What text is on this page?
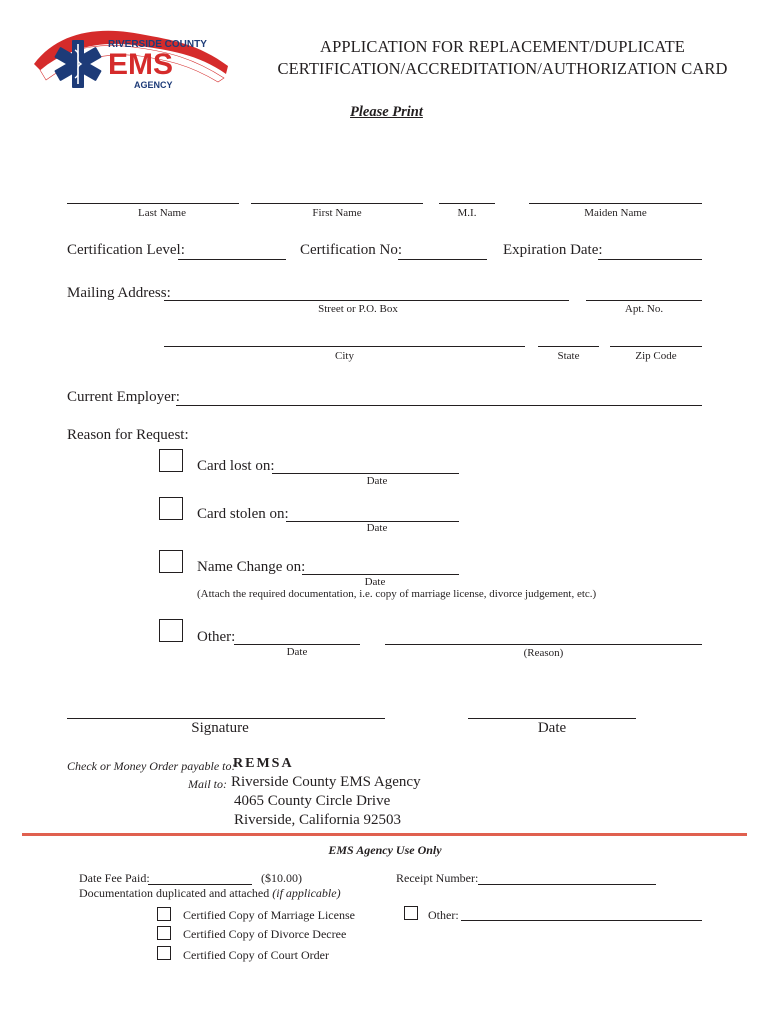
RIVERSIDE COUNTY
EMS
AGENCY
APPLICATION FOR REPLACEMENT/DUPLICATE
CERTIFICATION/ACCREDITATION/AUTHORIZATION CARD
Please Print
Last Name	First Name	M.I.	Maiden Name
Certification Level:	Certification No:	Expiration Date:
Mailing Address:
Street or P.O. Box	Apt. No.
City	State	Zip Code
Current Employer:
Reason for Request:
Card lost on:
Date
Card stolen on:
Date
Name Change on:
Date
(Attach the required documentation, i.e. copy of marriage license, divorce judgement, etc.)
Other:
Date	(Reason)
Signature	Date
Check or Money Order payable to:
REMSA
Mail to: Riverside County EMS Agency
4065 County Circle Drive
Riverside, California 92503
EMS Agency Use Only
Date Fee Paid:	($10.00)	Receipt Number:
Documentation duplicated and attached (if applicable)
Certified Copy of Marriage License
Certified Copy of Divorce Decree
Certified Copy of Court Order
Other:
